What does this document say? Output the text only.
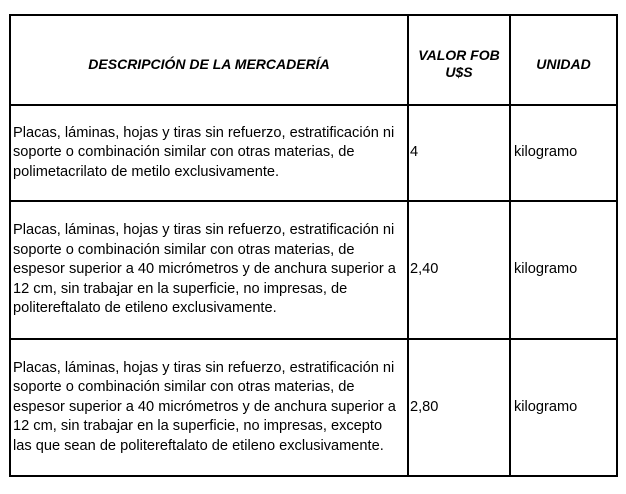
DESCRIPCIÓN DE LA MERCADERÍA	VALOR FOB U$S	UNIDAD
Placas, láminas, hojas y tiras sin refuerzo, estratificación ni soporte o combinación similar con otras materias, de polimetacrilato de metilo exclusivamente.	4	kilogramo
Placas, láminas, hojas y tiras sin refuerzo, estratificación ni soporte o combinación similar con otras materias, de espesor superior a 40 micrómetros y de anchura superior a 12 cm, sin trabajar en la superficie, no impresas, de politereftalato de etileno exclusivamente.	2,40	kilogramo
Placas, láminas, hojas y tiras sin refuerzo, estratificación ni soporte o combinación similar con otras materias, de espesor superior a 40 micrómetros y de anchura superior a 12 cm, sin trabajar en la superficie, no impresas, excepto las que sean de politereftalato de etileno exclusivamente.	2,80	kilogramo
